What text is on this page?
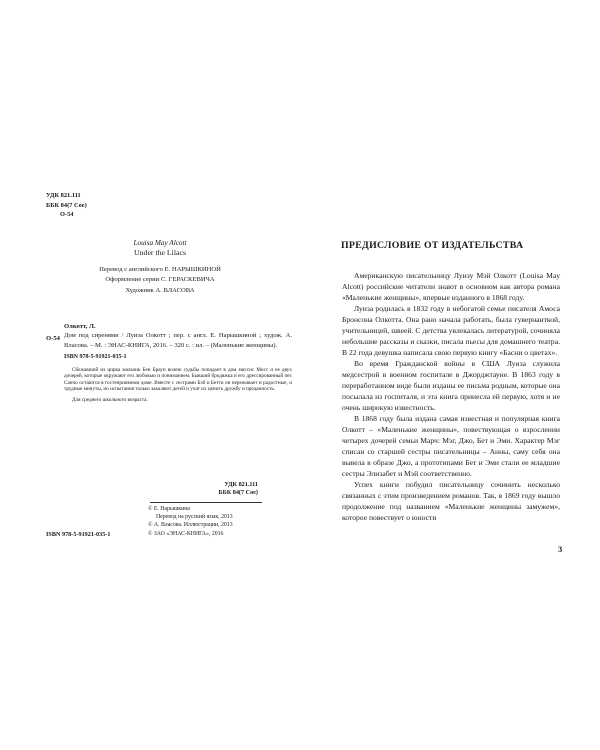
УДК 821.111
ББК 84(7 Сое)
О-54
Louisa May Alcott
Under the Lilacs
Перевод с английского Е. НАРЫШКИНОЙ
Оформление серии С. ГЕРАСКЕВИЧА
Художник А. ВЛАСОВА
Олкотт, Л.
О-54 Дом под сиренями / Луиза Олкотт ; пер. с англ. Е. Нарышкиной ; худож. А. Власова. – М. : ЭНАС-КНИГА, 2016. – 320 с. : ил. – (Маленькие женщины).
ISBN 978-5-91921-035-1
Сбежавший из цирка мальчик Бен Браун волею судьбы попадает в дом миссис Мосс и ее двух дочерей, которые окружают его любовью и пониманием. Бывший бродяжка и его дрессированный пес Санчо остаются в гостеприимном доме. Вместе с сестрами Бэб и Бетти он переживает и радостные, и трудные минуты, но испытания только закаляют детей и учат их ценить дружбу и преданность.
Для среднего школьного возраста.
УДК 821.111
ББК 84(7 Сое)
© Е. Нарышкина
Перевод на русский язык, 2013
© А. Власова. Иллюстрации, 2013
© ЗАО «ЭНАС-КНИГА», 2016
ISBN 978-5-91921-035-1
ПРЕДИСЛОВИЕ ОТ ИЗДАТЕЛЬСТВА

Американскую писательницу Луизу Мэй Олкотт (Louisa May Alcott) российские читатели знают в основном как автора романа «Маленькие женщины», впервые изданного в 1868 году.

Луиза родилась в 1832 году в небогатой семье писателя Амоса Бронсона Олкотта. Она рано начала работать, была гувернанткой, учительницей, швеей. С детства увлекалась литературой, сочиняла небольшие рассказы и сказки, писала пьесы для домашнего театра. В 22 года девушка написала свою первую книгу «Басни о цветах».

Во время Гражданской войны в США Луиза служила медсестрой в военном госпитале в Джорджтауне. В 1863 году в переработанном виде были изданы ее письма родным, которые она посылала из госпиталя, и эта книга принесла ей первую, хотя и не очень широкую известность.

В 1868 году была издана самая известная и популярная книга Олкотт – «Маленькие женщины», повествующая о взрослении четырех дочерей семьи Марч: Мэг, Джо, Бет и Эми. Характер Мэг списан со старшей сестры писательницы – Анны, саму себя она вывела в образе Джо, а прототипами Бет и Эми стали ее младшие сестры Элизабет и Мэй соответственно.

Успех книги побудил писательницу сочинить несколько связанных с этим произведением романов. Так, в 1869 году вышло продолжение под названием «Маленькие женщины замужем», которое повествует о юности

3
